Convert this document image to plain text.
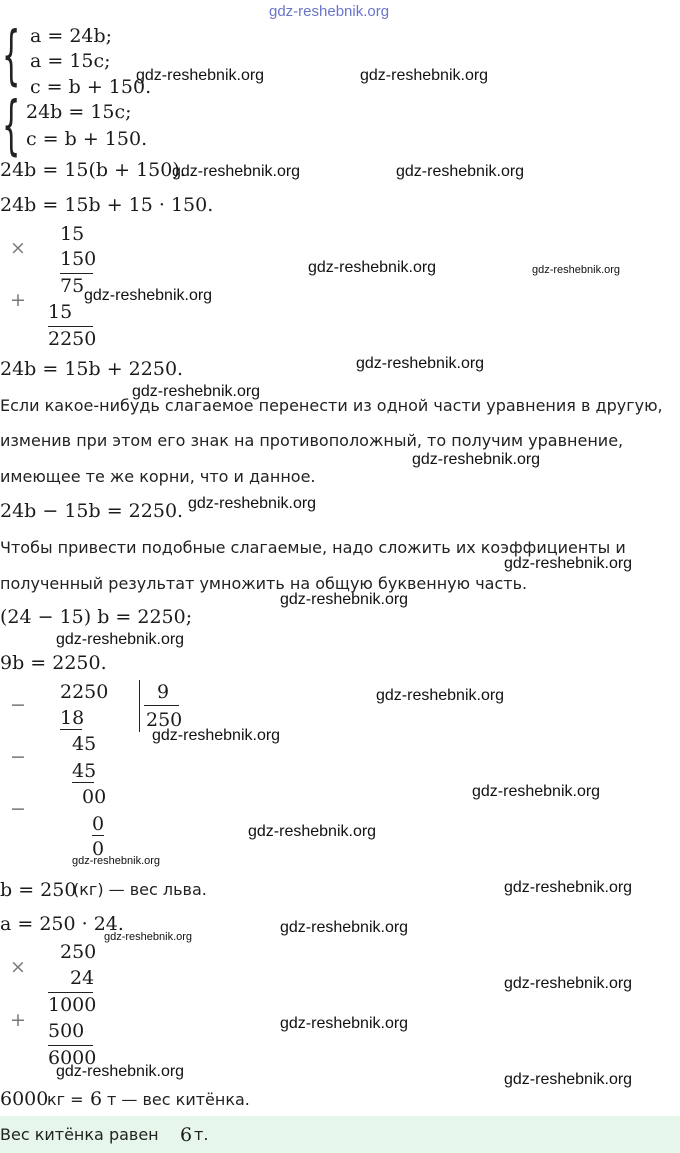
gdz-reshebnik.org
{
{
a = 24b;
a = 15c;
c = b + 150.
24b = 15c;
c = b + 150.
gdz-reshebnik.org	gdz-reshebnik.org
24b = 15(b + 150).
gdz-reshebnik.org	gdz-reshebnik.org
24b = 15b + 15 · 150.
×
15
150
75
+
15
2250
gdz-reshebnik.org
gdz-reshebnik.org	gdz-reshebnik.org
24b = 15b + 2250.	gdz-reshebnik.org
gdz-reshebnik.org
Если какое-нибудь слагаемое перенести из одной части уравнения в другую,
изменив при этом его знак на противоположный, то получим уравнение,
имеющее те же корни, что и данное.
gdz-reshebnik.org
24b − 15b = 2250. gdz-reshebnik.org
Чтобы привести подобные слагаемые, надо сложить их коэффициенты и
gdz-reshebnik.org
полученный результат умножить на общую буквенную часть.
gdz-reshebnik.org
(24 − 15) b = 2250;
gdz-reshebnik.org
9b = 2250.
−
2250	9
250
18
gdz-reshebnik.org
gdz-reshebnik.org
−
45
45
−
00
0
0
gdz-reshebnik.org
gdz-reshebnik.org
gdz-reshebnik.org
b = 250
(кг) — вес льва.	gdz-reshebnik.org
a = 250 · 24.
gdz-reshebnik.org
gdz-reshebnik.org
×
250
24
1000
+ 500
6000
gdz-reshebnik.org
gdz-reshebnik.org
gdz-reshebnik.org	gdz-reshebnik.org
6000
кг = 6 т — вес китёнка.
Вес китёнка равен 6 т.
